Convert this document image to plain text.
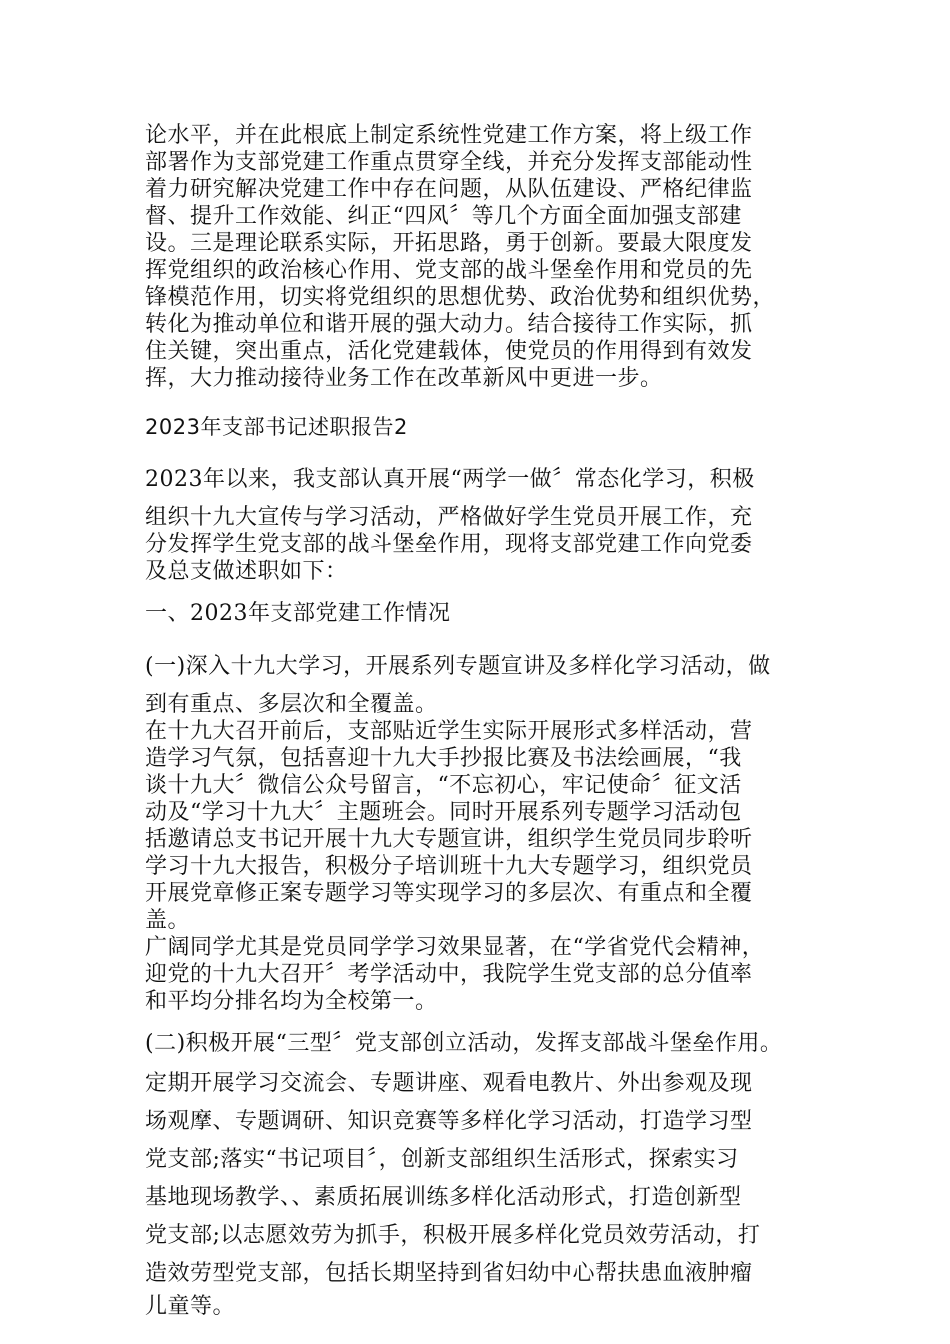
论水平，并在此根底上制定系统性党建工作方案，将上级工作

部署作为支部党建工作重点贯穿全线，并充分发挥支部能动性

着力研究解决党建工作中存在问题，从队伍建设、严格纪律监

督、提升工作效能、纠正“四风〞等几个方面全面加强支部建

设。三是理论联系实际，开拓思路，勇于创新。要最大限度发

挥党组织的政治核心作用、党支部的战斗堡垒作用和党员的先

锋模范作用，切实将党组织的思想优势、政治优势和组织优势，

转化为推动单位和谐开展的强大动力。结合接待工作实际，抓

住关键，突出重点，活化党建载体，使党员的作用得到有效发

挥，大力推动接待业务工作在改革新风中更进一步。

2023年支部书记述职报告2

2023年以来，我支部认真开展“两学一做〞常态化学习，积极

组织十九大宣传与学习活动，严格做好学生党员开展工作，充

分发挥学生党支部的战斗堡垒作用，现将支部党建工作向党委

及总支做述职如下：

一、2023年支部党建工作情况

(一)深入十九大学习，开展系列专题宣讲及多样化学习活动，做

到有重点、多层次和全覆盖。

在十九大召开前后，支部贴近学生实际开展形式多样活动，营

造学习气氛，包括喜迎十九大手抄报比赛及书法绘画展，“我

谈十九大〞微信公众号留言，“不忘初心，牢记使命〞征文活

动及“学习十九大〞主题班会。同时开展系列专题学习活动包

括邀请总支书记开展十九大专题宣讲，组织学生党员同步聆听

学习十九大报告，积极分子培训班十九大专题学习，组织党员

开展党章修正案专题学习等实现学习的多层次、有重点和全覆

盖。

广阔同学尤其是党员同学学习效果显著，在“学省党代会精神，

迎党的十九大召开〞考学活动中，我院学生党支部的总分值率

和平均分排名均为全校第一。

(二)积极开展“三型〞党支部创立活动，发挥支部战斗堡垒作用。

定期开展学习交流会、专题讲座、观看电教片、外出参观及现

场观摩、专题调研、知识竞赛等多样化学习活动，打造学习型

党支部;落实“书记项目〞，创新支部组织生活形式，探索实习

基地现场教学、、素质拓展训练多样化活动形式，打造创新型

党支部;以志愿效劳为抓手，积极开展多样化党员效劳活动，打

造效劳型党支部，包括长期坚持到省妇幼中心帮扶患血液肿瘤

儿童等。
